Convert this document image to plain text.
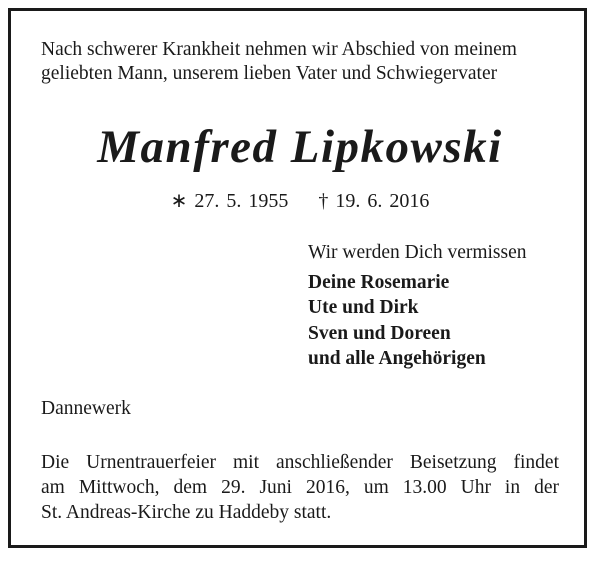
Nach schwerer Krankheit nehmen wir Abschied von meinem
geliebten Mann, unserem lieben Vater und Schwiegervater
Manfred Lipkowski
∗ 27. 5. 1955 † 19. 6. 2016
Wir werden Dich vermissen
Deine Rosemarie
Ute und Dirk
Sven und Doreen
und alle Angehörigen
Dannewerk
Die Urnentrauerfeier mit anschließender Beisetzung findet
am Mittwoch, dem 29. Juni 2016, um 13.00 Uhr in der
St. Andreas-Kirche zu Haddeby statt.
